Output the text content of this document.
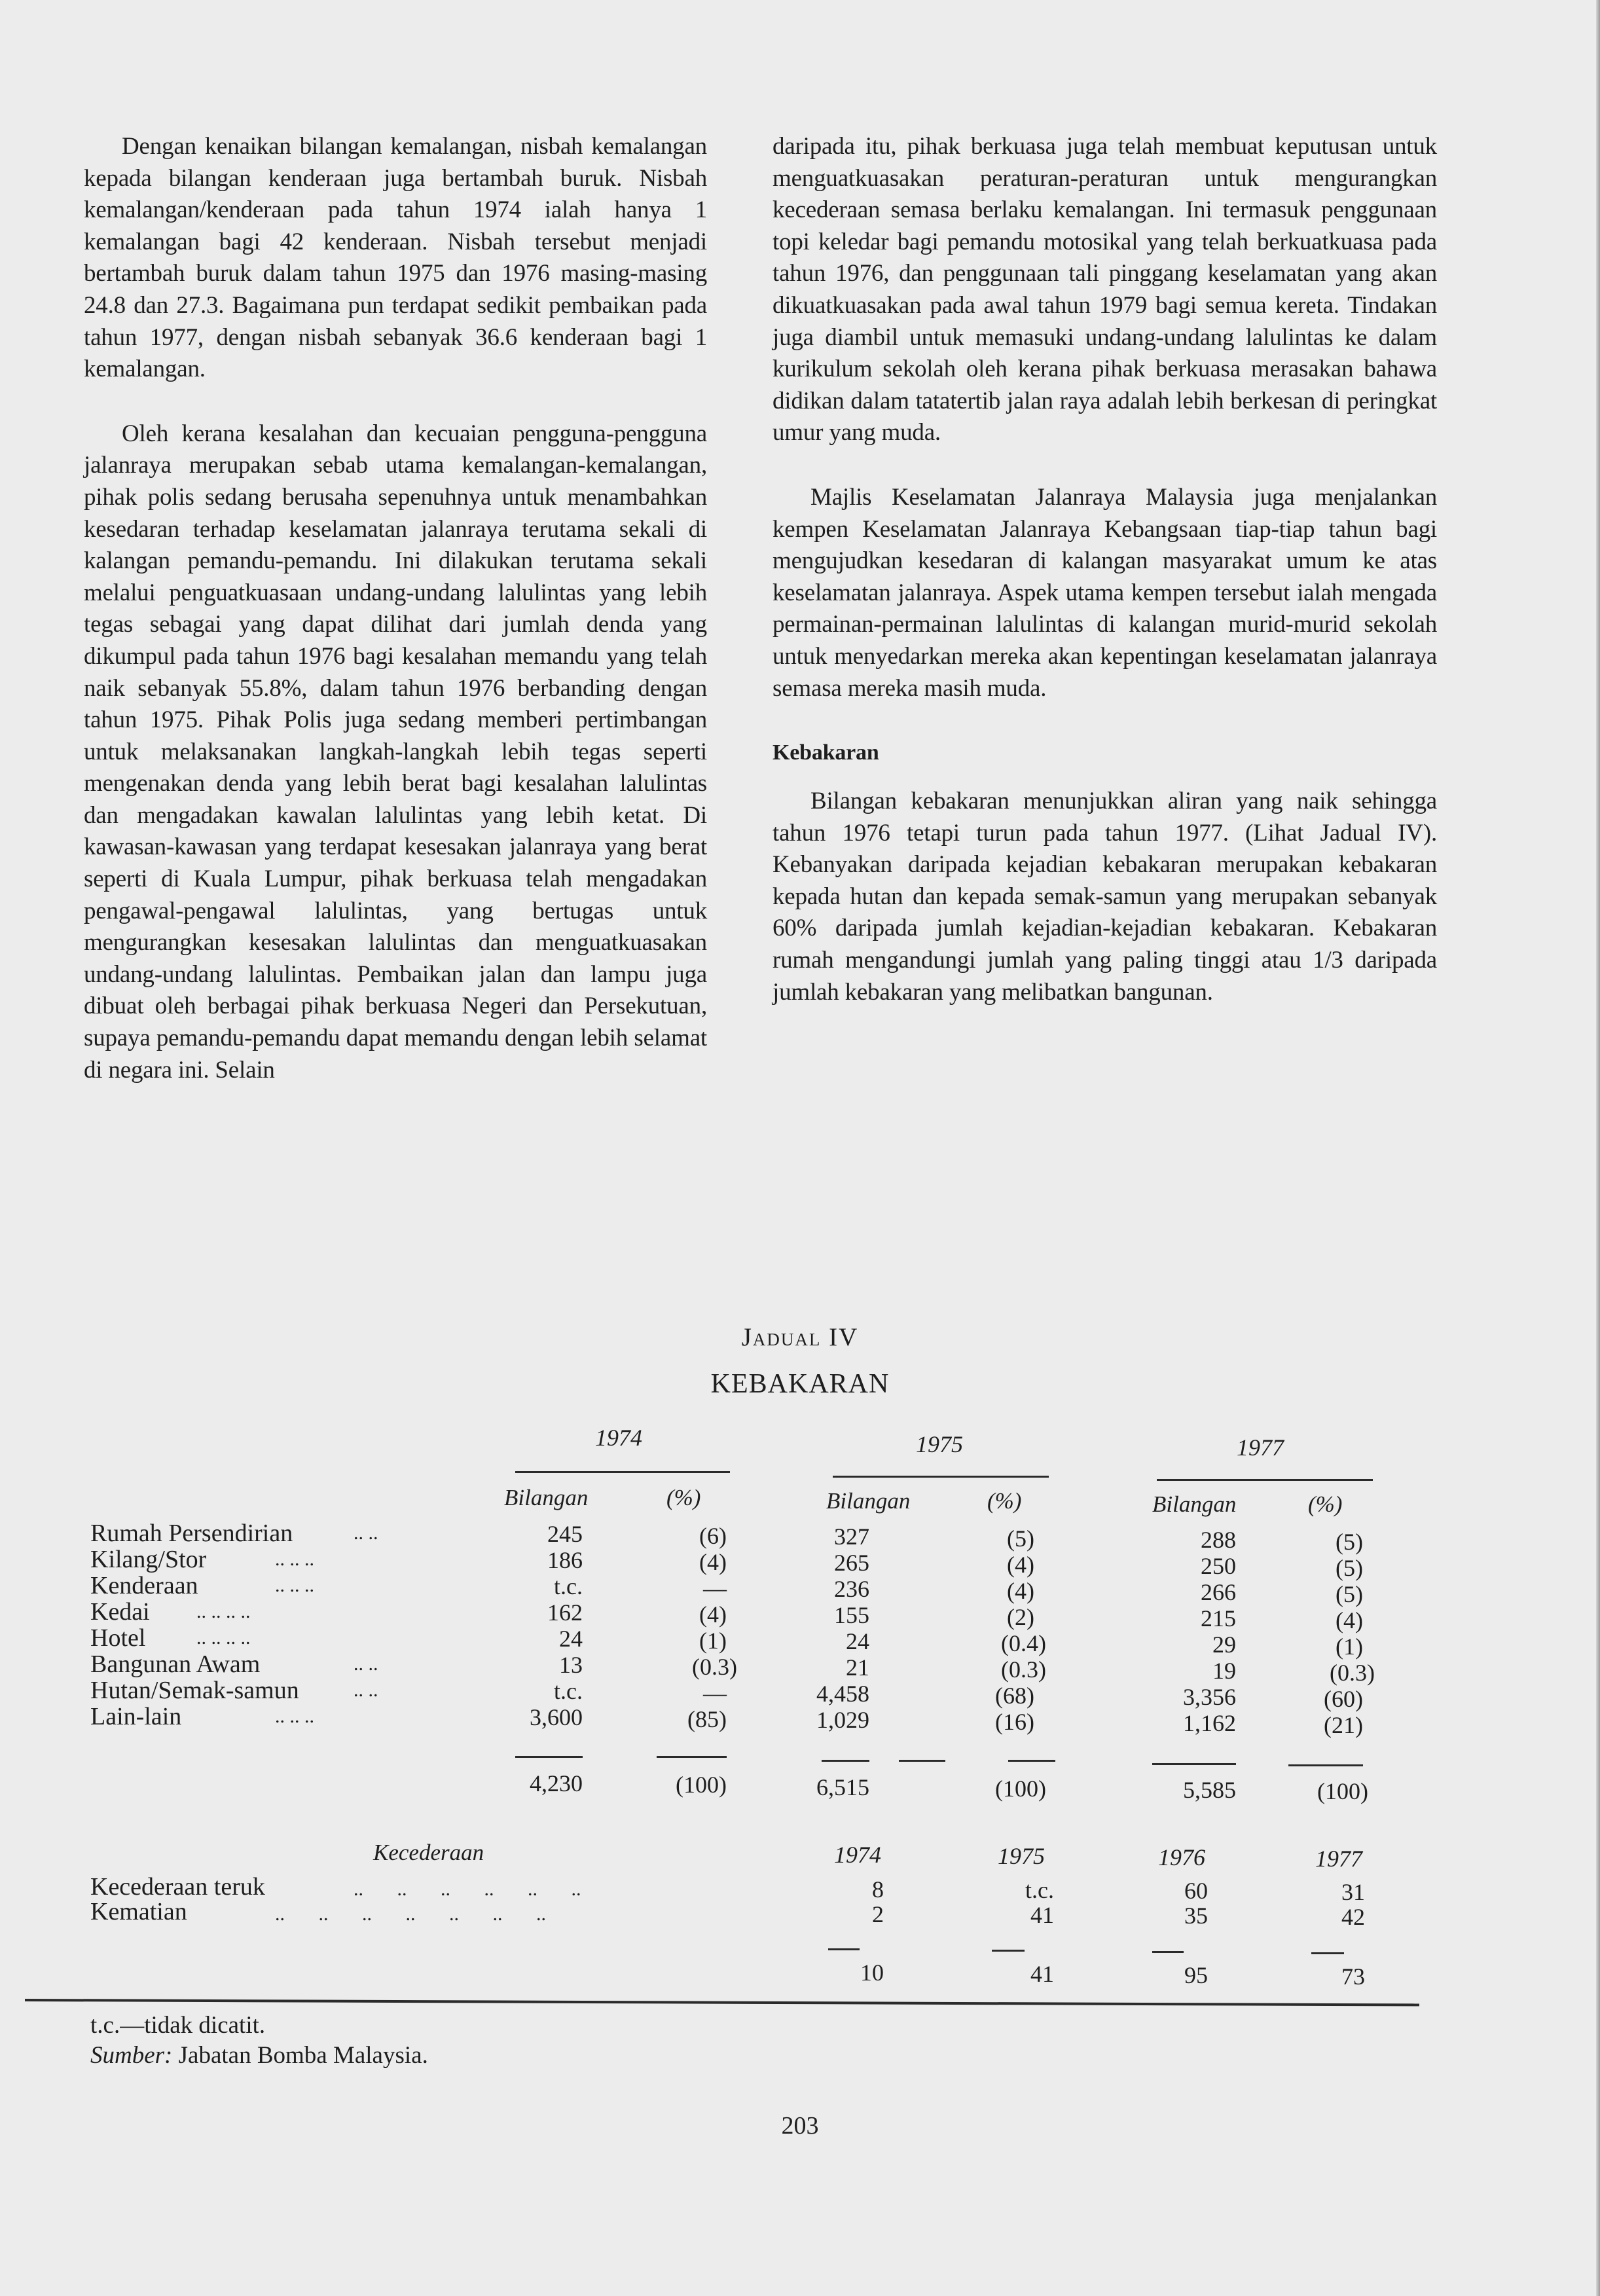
Dengan kenaikan bilangan kemalangan, nisbah kemalangan kepada bilangan kenderaan juga bertambah buruk. Nisbah kemalangan/kenderaan pada tahun 1974 ialah hanya 1 kemalangan bagi 42 kenderaan. Nisbah tersebut menjadi bertambah buruk dalam tahun 1975 dan 1976 masing-masing 24.8 dan 27.3. Bagaimana pun terdapat sedikit pembaikan pada tahun 1977, dengan nisbah sebanyak 36.6 kenderaan bagi 1 kemalangan.

Oleh kerana kesalahan dan kecuaian pengguna-pengguna jalanraya merupakan sebab utama kemalangan-kemalangan, pihak polis sedang berusaha sepenuhnya untuk menambahkan kesedaran terhadap keselamatan jalanraya terutama sekali di kalangan pemandu-pemandu. Ini dilakukan terutama sekali melalui penguatkuasaan undang-undang lalulintas yang lebih tegas sebagai yang dapat dilihat dari jumlah denda yang dikumpul pada tahun 1976 bagi kesalahan memandu yang telah naik sebanyak 55.8%, dalam tahun 1976 berbanding dengan tahun 1975. Pihak Polis juga sedang memberi pertimbangan untuk melaksanakan langkah-langkah lebih tegas seperti mengenakan denda yang lebih berat bagi kesalahan lalulintas dan mengadakan kawalan lalulintas yang lebih ketat. Di kawasan-kawasan yang terdapat kesesakan jalanraya yang berat seperti di Kuala Lumpur, pihak berkuasa telah mengadakan pengawal-pengawal lalulintas, yang bertugas untuk mengurangkan kesesakan lalulintas dan menguatkuasakan undang-undang lalulintas. Pembaikan jalan dan lampu juga dibuat oleh berbagai pihak berkuasa Negeri dan Persekutuan, supaya pemandu-pemandu dapat memandu dengan lebih selamat di negara ini. Selain

daripada itu, pihak berkuasa juga telah membuat keputusan untuk menguatkuasakan peraturan-peraturan untuk mengurangkan kecederaan semasa berlaku kemalangan. Ini termasuk penggunaan topi keledar bagi pemandu motosikal yang telah berkuatkuasa pada tahun 1976, dan penggunaan tali pinggang keselamatan yang akan dikuatkuasakan pada awal tahun 1979 bagi semua kereta. Tindakan juga diambil untuk memasuki undang-undang lalulintas ke dalam kurikulum sekolah oleh kerana pihak berkuasa merasakan bahawa didikan dalam tatatertib jalan raya adalah lebih berkesan di peringkat umur yang muda.

Majlis Keselamatan Jalanraya Malaysia juga menjalankan kempen Keselamatan Jalanraya Kebangsaan tiap-tiap tahun bagi mengujudkan kesedaran di kalangan masyarakat umum ke atas keselamatan jalanraya. Aspek utama kempen tersebut ialah mengada permainan-permainan lalulintas di kalangan murid-murid sekolah untuk menyedarkan mereka akan kepentingan keselamatan jalanraya semasa mereka masih muda.

Kebakaran

Bilangan kebakaran menunjukkan aliran yang naik sehingga tahun 1976 tetapi turun pada tahun 1977. (Lihat Jadual IV). Kebanyakan daripada kejadian kebakaran merupakan kebakaran kepada hutan dan kepada semak-samun yang merupakan sebanyak 60% daripada jumlah kejadian-kejadian kebakaran. Kebakaran rumah mengandungi jumlah yang paling tinggi atau 1/3 daripada jumlah kebakaran yang melibatkan bangunan.

Jadual IV
KEBAKARAN
1974	1975	1977
Bilangan	(%)	Bilangan	(%)	Bilangan	(%)
Rumah Persendirian	.. ..	245	(6)	327	(5)	288	(5)
Kilang/Stor	.. .. ..	186	(4)	265	(4)	250	(5)
Kenderaan	.. .. ..	t.c.	—	236	(4)	266	(5)
Kedai .. .. .. ..	162	(4)	155	(2)	215	(4)
Hotel	.. .. .. ..	24	(1)	24	(0.4)	29	(1)
Bangunan Awam	.. ..	13	(0.3)	21	(0.3)	19	(0.3)
Hutan/Semak-samun	.. ..	t.c.	—	4,458	(68)	3,356	(60)
Lain-lain	.. .. ..	3,600	(85)	1,029	(16)	1,162	(21)
4,230	(100)	6,515	(100)	5,585	(100)
Kecederaan	1974	1975	1976	1977
Kecederaan teruk	.. .. .. .. .. ..	8	t.c.	60	31
Kematian	.. .. .. .. .. .. ..	2	41	35	42
10	41	95	73
t.c.—tidak dicatit.
Sumber: Jabatan Bomba Malaysia.
203
